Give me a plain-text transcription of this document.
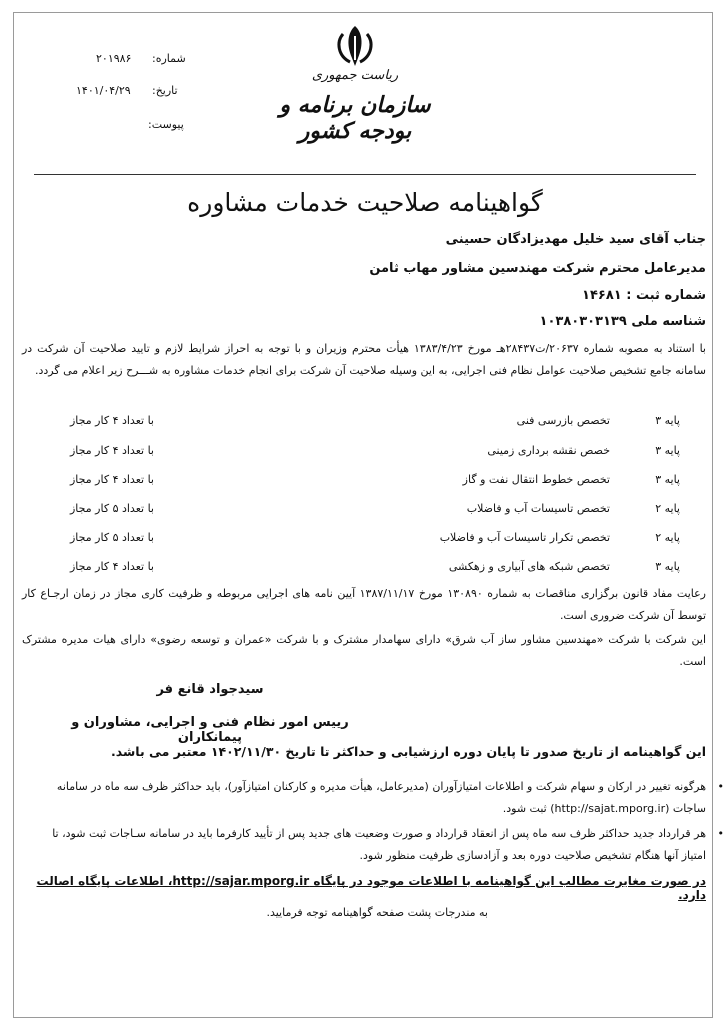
ریاست جمهوری
سازمان برنامه و بودجه کشور
شماره:
۲۰۱۹۸۶
تاریخ:
۱۴۰۱/۰۴/۲۹
پیوست:
گواهینامه صلاحیت خدمات مشاوره
جناب آقای سید خلیل مهدیزادگان حسینی
مدیرعامل محترم شرکت مهندسین مشاور مهاب ثامن
شماره ثبت : ۱۴۶۸۱
شناسه ملی ۱۰۳۸۰۳۰۳۱۳۹
با استناد به مصوبه شماره ۲۰۶۳۷/ت۲۸۴۳۷هـ مورخ ۱۳۸۳/۴/۲۳ هیأت محترم وزیران و با توجه به احراز شرایط لازم و تایید صلاحیت آن شرکت در سامانه جامع تشخیص صلاحیت عوامل نظام فنی اجرایی، به این وسیله صلاحیت آن شرکت برای انجام خدمات مشاوره به شـــرح زیر اعلام می گردد.
پایه ۳
تخصص بازرسی فنی
با تعداد ۴ کار مجاز
پایه ۳
خصص نقشه برداری زمینی
با تعداد ۴ کار مجاز
پایه ۳
تخصص خطوط انتقال نفت و گاز
با تعداد ۴ کار مجاز
پایه ۲
تخصص تاسیسات آب و فاضلاب
با تعداد ۵ کار مجاز
پایه ۲
تخصص تکرار تاسیسات آب و فاضلاب
با تعداد ۵ کار مجاز
پایه ۳
تخصص شبکه های آبیاری و زهکشی
با تعداد ۴ کار مجاز
رعایت مفاد قانون برگزاری مناقصات به شماره ۱۳۰۸۹۰ مورخ ۱۳۸۷/۱۱/۱۷ آیین نامه های اجرایی مربوطه و ظرفیت کاری مجاز در زمان ارجـاع کار توسط آن شرکت ضروری است.
این شرکت با شرکت «مهندسین مشاور ساز آب شرق» دارای سهامدار مشترک و با شرکت «عمران و توسعه رضوی» دارای هیات مدیره مشترک است.
سیدجواد قانع فر
رییس امور نظام فنی و اجرایی، مشاوران و پیمانکاران
این گواهینامه از تاریخ صدور تا پایان دوره ارزشیابی و حداکثر تا تاریخ ۱۴۰۲/۱۱/۳۰ معتبر می باشد.
•
هرگونه تغییر در ارکان و سهام شرکت و اطلاعات امتیازآوران (مدیرعامل، هیأت مدیره و کارکنان امتیازآور)، باید حداکثر ظرف سه ماه در سامانه ساجات (http://sajat.mporg.ir) ثبت شود.
•
هر قرارداد جدید حداکثر ظرف سه ماه پس از انعقاد قرارداد و صورت وضعیت های جدید پس از تأیید کارفرما باید در سامانه سـاجات ثبت شود، تا امتیاز آنها هنگام تشخیص صلاحیت دوره بعد و آزادسازی ظرفیت منظور شود.
در صورت مغایرت مطالب این گواهینامه با اطلاعات موجود در پایگاه http://sajar.mporg.ir، اطلاعات پایگاه اصالت دارد.
به مندرجات پشت صفحه گواهینامه توجه فرمایید.
